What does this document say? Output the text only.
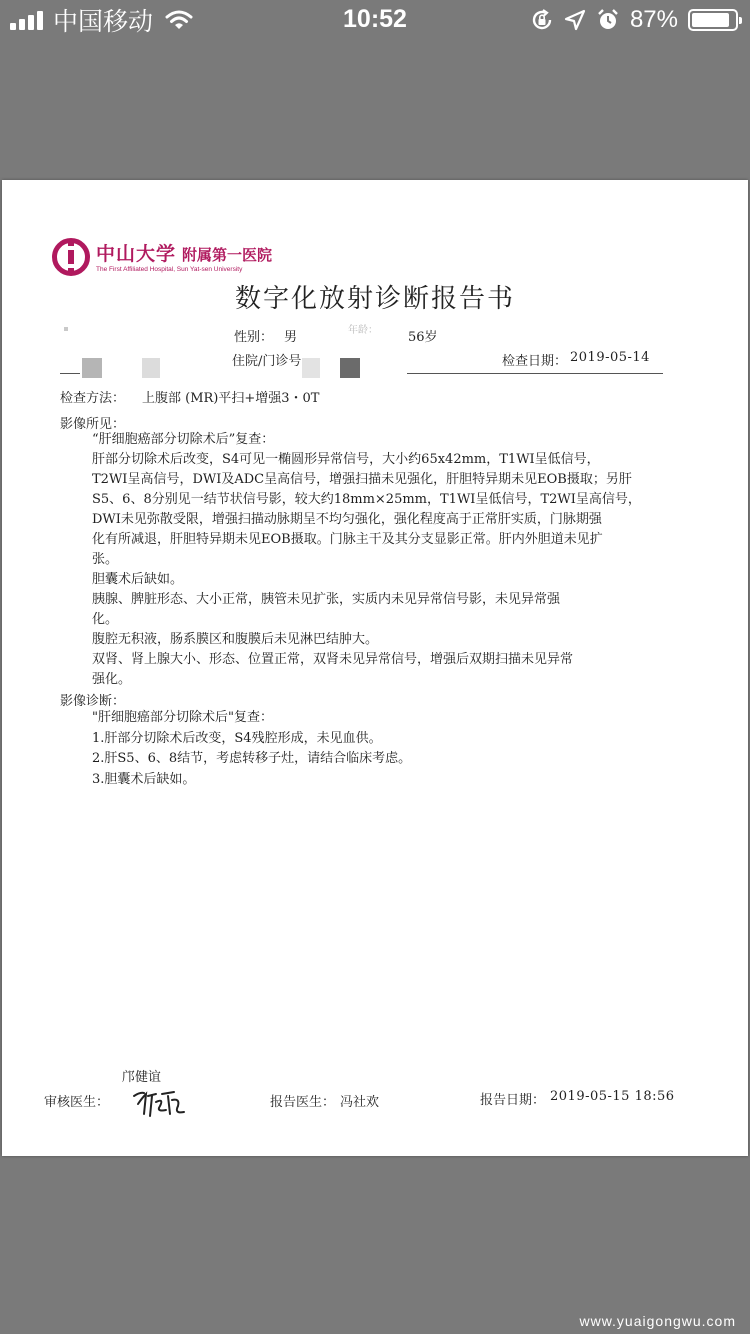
中国移动	10:52	87%
中山大学 附属第一医院
The First Affiliated Hospital, Sun Yat-sen University
数字化放射诊断报告书
性别： 男	年龄： 56岁
住院/门诊号	检查日期： 2019-05-14
检查方法： 上腹部 (MR)平扫+增强3・0T
影像所见：

“肝细胞癌部分切除术后”复查：

肝部分切除术后改变，S4可见一椭圆形异常信号，大小约65x42mm，T1WI呈低信号，

T2WI呈高信号，DWI及ADC呈高信号，增强扫描未见强化，肝胆特异期未见EOB摄取；另肝

S5、6、8分别见一结节状信号影，较大约18mm×25mm，T1WI呈低信号，T2WI呈高信号，

DWI未见弥散受限，增强扫描动脉期呈不均匀强化，强化程度高于正常肝实质，门脉期强

化有所减退，肝胆特异期未见EOB摄取。门脉主干及其分支显影正常。肝内外胆道未见扩

张。

胆囊术后缺如。

胰腺、脾脏形态、大小正常，胰管未见扩张，实质内未见异常信号影，未见异常强

化。

腹腔无积液，肠系膜区和腹膜后未见淋巴结肿大。

双肾、肾上腺大小、形态、位置正常，双肾未见异常信号，增强后双期扫描未见异常

强化。

影像诊断：

"肝细胞癌部分切除术后"复查：

1.肝部分切除术后改变，S4残腔形成，未见血供。

2.肝S5、6、8结节，考虑转移子灶，请结合临床考虑。

3.胆囊术后缺如。

邝健谊
审核医生：	报告医生： 冯社欢	报告日期： 2019-05-15 18:56
www.yuaigongwu.com
